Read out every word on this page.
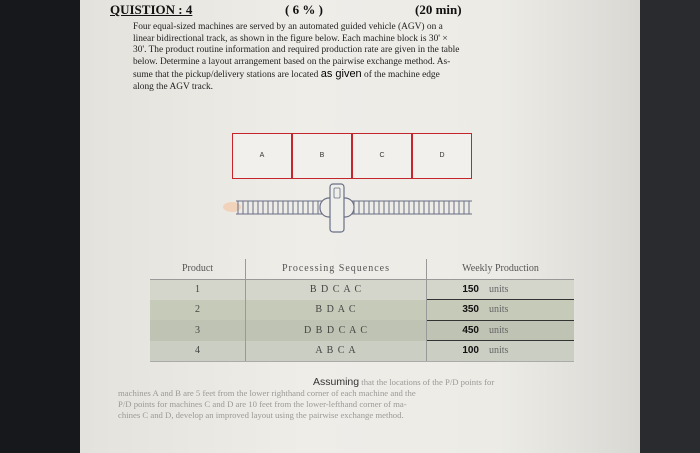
QUISTION : 4	( 6 % )	(20 min)
Four equal-sized machines are served by an automated guided vehicle (AGV) on a
linear bidirectional track, as shown in the figure below. Each machine block is 30' ×
30'. The product routine information and required production rate are given in the table
below. Determine a layout arrangement based on the pairwise exchange method. As-
sume that the pickup/delivery stations are located as given of the machine edge
along the AGV track.
A	B	C	D
Product	Processing Sequences	Weekly Production
1	B D C A C	150 units
2	B D A C	350 units
3	D B D C A C	450 units
4	A B C A	100 units
Assuming that the locations of the P/D points for
machines A and B are 5 feet from the lower righthand corner of each machine and the
P/D points for machines C and D are 10 feet from the lower-lefthand corner of ma-
chines C and D, develop an improved layout using the pairwise exchange method.
